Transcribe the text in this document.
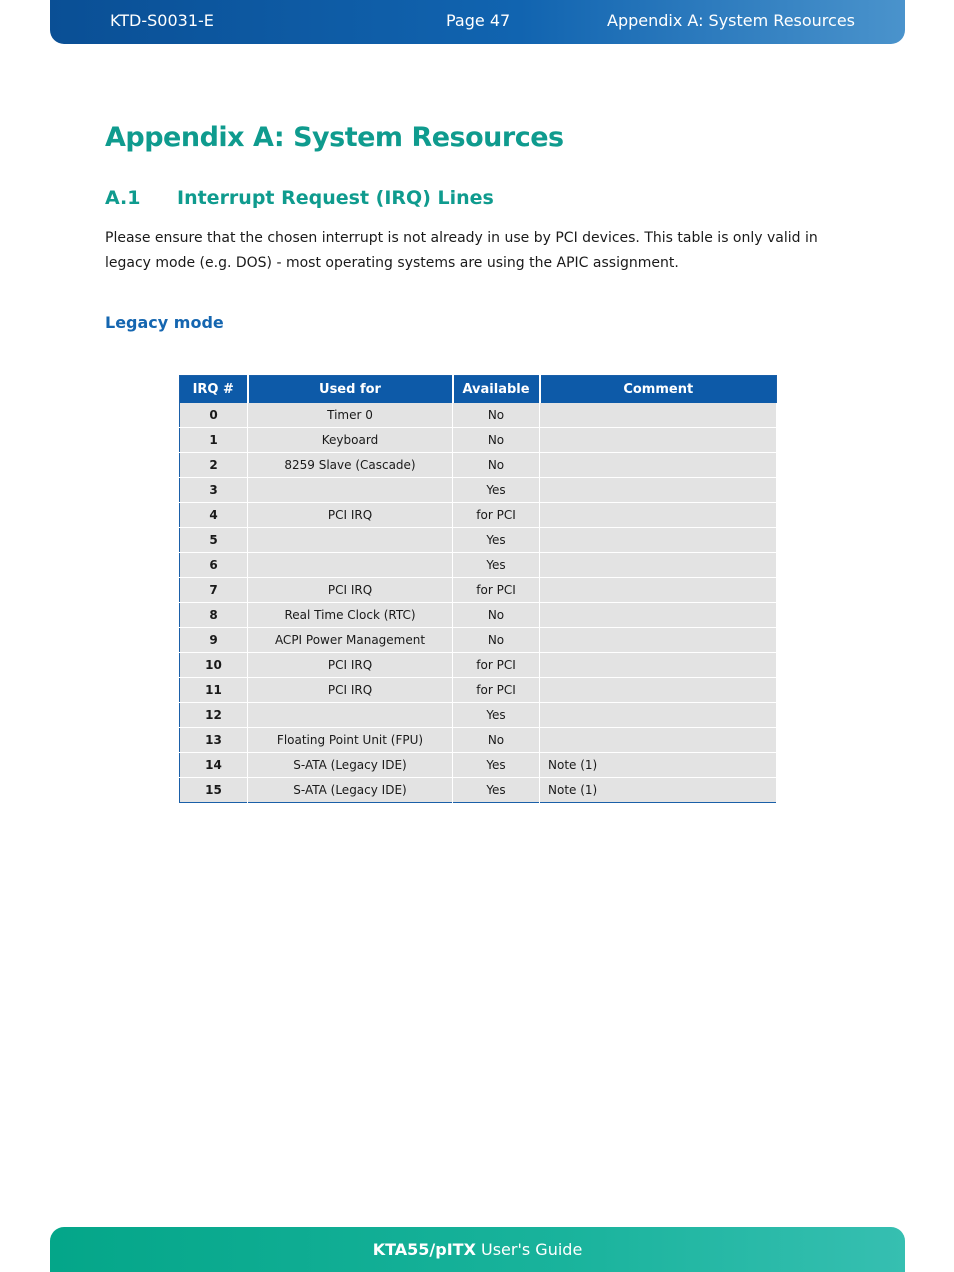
KTD-S0031-E	Page 47	Appendix A: System Resources
Appendix A: System Resources
A.1 Interrupt Request (IRQ) Lines

Please ensure that the chosen interrupt is not already in use by PCI devices. This table is only valid in legacy mode (e.g. DOS) - most operating systems are using the APIC assignment.

Legacy mode
IRQ #	Used for	Available	Comment
0	Timer 0	No	
1	Keyboard	No	
2	8259 Slave (Cascade)	No	
3		Yes	
4	PCI IRQ	for PCI	
5		Yes	
6		Yes	
7	PCI IRQ	for PCI	
8	Real Time Clock (RTC)	No	
9	ACPI Power Management	No	
10	PCI IRQ	for PCI	
11	PCI IRQ	for PCI	
12		Yes	
13	Floating Point Unit (FPU)	No	
14	S-ATA (Legacy IDE)	Yes	Note (1)
15	S-ATA (Legacy IDE)	Yes	Note (1)
KTA55/pITX User's Guide
